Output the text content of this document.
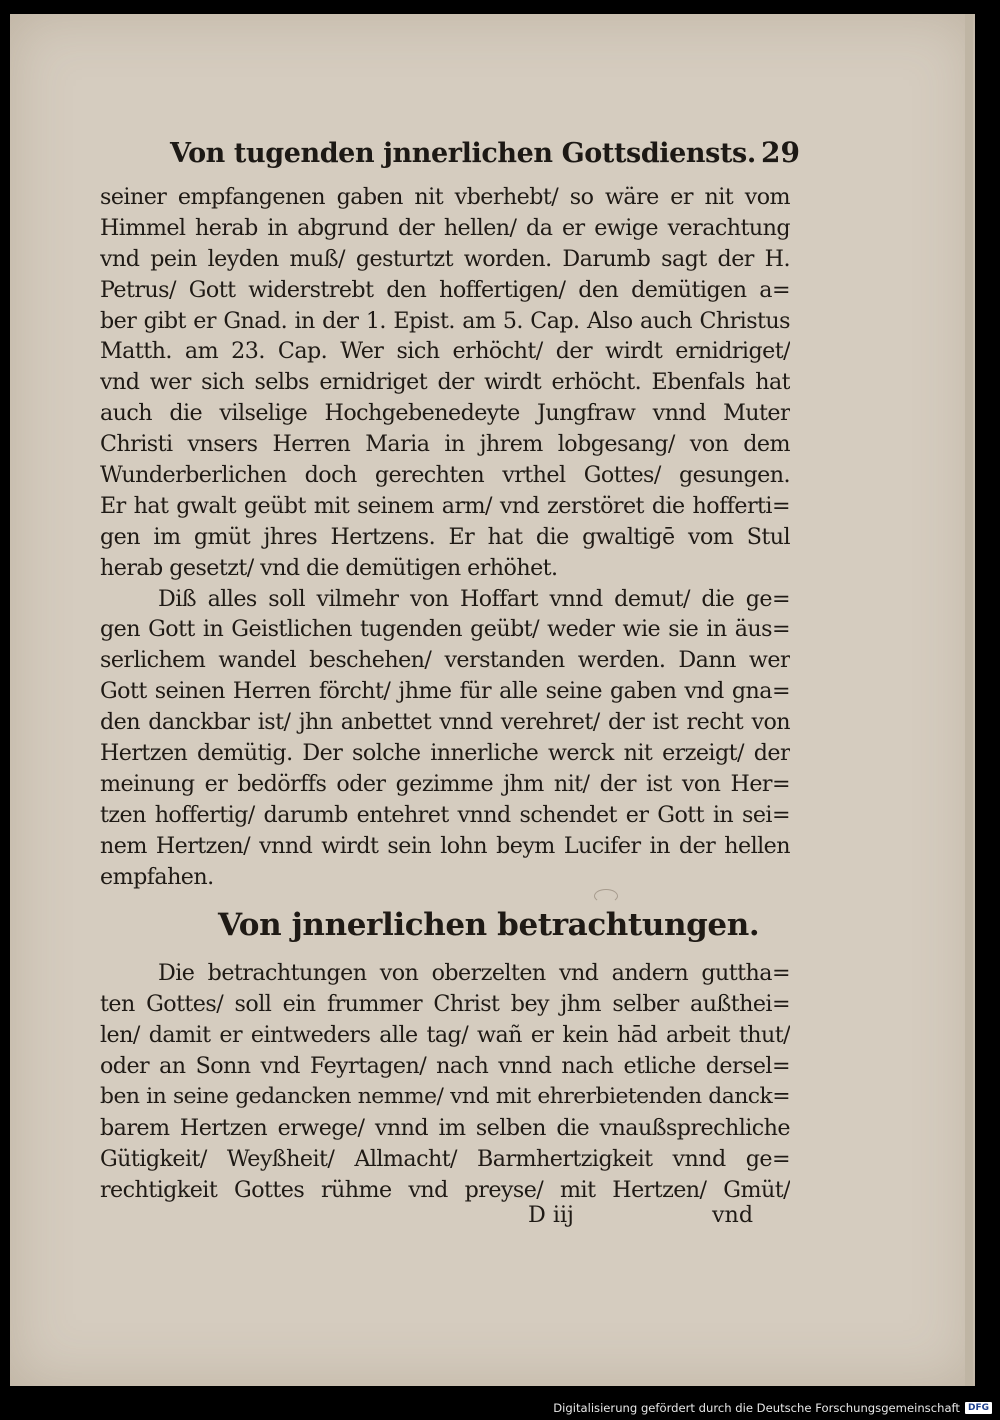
Von tugenden jnnerlichen Gottsdiensts. 29
seiner empfangenen gaben nit vberhebt/ so wäre er nit vom
Himmel herab in abgrund der hellen/ da er ewige verachtung
vnd pein leyden muß/ gesturtzt worden. Darumb sagt der H.
Petrus/ Gott widerstrebt den hoffertigen/ den demütigen a=
ber gibt er Gnad. in der 1. Epist. am 5. Cap. Also auch Christus
Matth. am 23. Cap. Wer sich erhöcht/ der wirdt ernidriget/
vnd wer sich selbs ernidriget der wirdt erhöcht. Ebenfals hat
auch die vilselige Hochgebenedeyte Jungfraw vnnd Muter
Christi vnsers Herren Maria in jhrem lobgesang/ von dem
Wunderberlichen doch gerechten vrthel Gottes/ gesungen.
Er hat gwalt geübt mit seinem arm/ vnd zerstöret die hofferti=
gen im gmüt jhres Hertzens. Er hat die gwaltigē vom Stul
herab gesetzt/ vnd die demütigen erhöhet.
Diß alles soll vilmehr von Hoffart vnnd demut/ die ge=
gen Gott in Geistlichen tugenden geübt/ weder wie sie in äus=
serlichem wandel beschehen/ verstanden werden. Dann wer
Gott seinen Herren förcht/ jhme für alle seine gaben vnd gna=
den danckbar ist/ jhn anbettet vnnd verehret/ der ist recht von
Hertzen demütig. Der solche innerliche werck nit erzeigt/ der
meinung er bedörffs oder gezimme jhm nit/ der ist von Her=
tzen hoffertig/ darumb entehret vnnd schendet er Gott in sei=
nem Hertzen/ vnnd wirdt sein lohn beym Lucifer in der hellen
empfahen.
Von jnnerlichen betrachtungen.
Die betrachtungen von oberzelten vnd andern guttha=
ten Gottes/ soll ein frummer Christ bey jhm selber außthei=
len/ damit er eintweders alle tag/ wañ er kein hād arbeit thut/
oder an Sonn vnd Feyrtagen/ nach vnnd nach etliche dersel=
ben in seine gedancken nemme/ vnd mit ehrerbietenden danck=
barem Hertzen erwege/ vnnd im selben die vnaußsprechliche
Gütigkeit/ Weyßheit/ Allmacht/ Barmhertzigkeit vnnd ge=
rechtigkeit Gottes rühme vnd preyse/ mit Hertzen/ Gmüt/
D iij	vnd
Digitalisierung gefördert durch die Deutsche Forschungsgemeinschaft DFG
